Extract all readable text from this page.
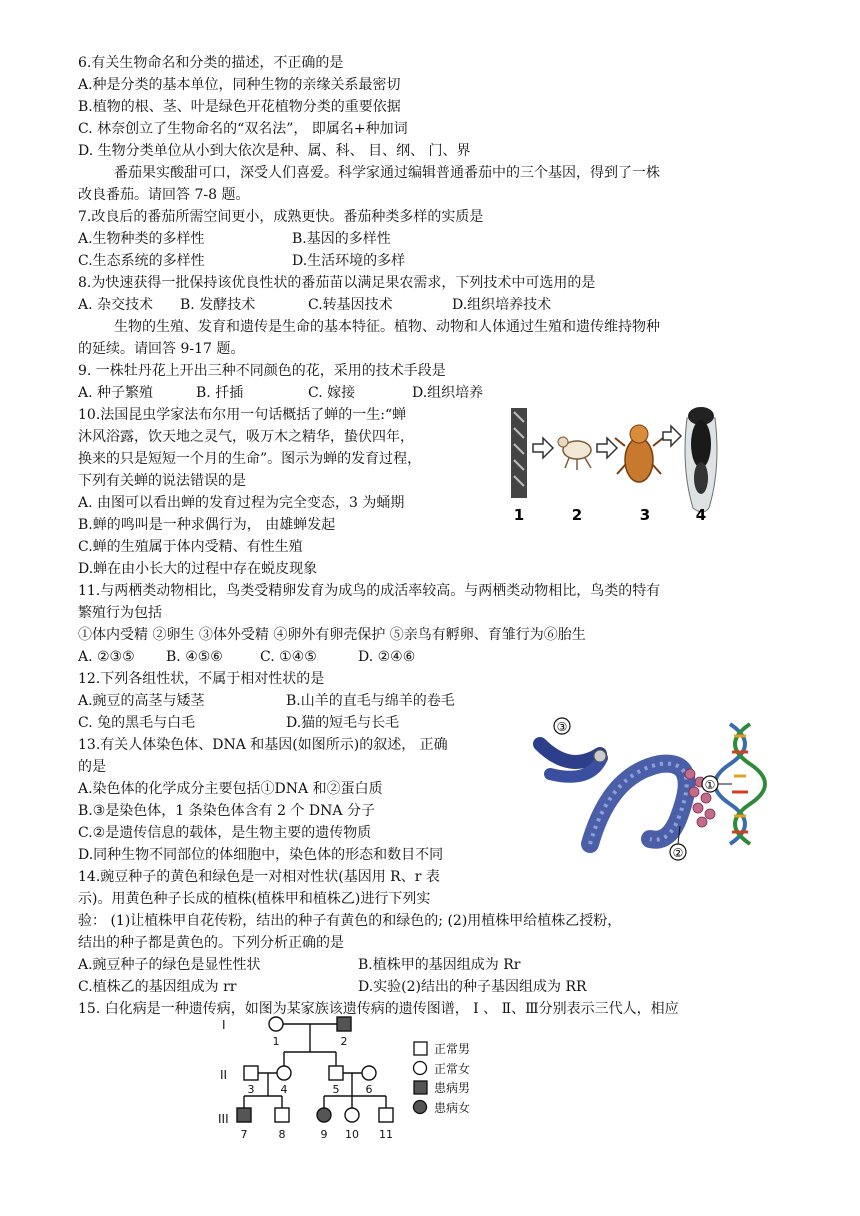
6.有关生物命名和分类的描述，不正确的是
A.种是分类的基本单位，同种生物的亲缘关系最密切
B.植物的根、茎、叶是绿色开花植物分类的重要依据
C. 林奈创立了生物命名的“双名法”， 即属名+种加词
D. 生物分类单位从小到大依次是种、属、科、 目、纲、 门、界
番茄果实酸甜可口，深受人们喜爱。科学家通过编辑普通番茄中的三个基因，得到了一株
改良番茄。请回答 7-8 题。
7.改良后的番茄所需空间更小，成熟更快。番茄种类多样的实质是
A.生物种类的多样性	B.基因的多样性
C.生态系统的多样性	D.生活环境的多样
8.为快速获得一批保持该优良性状的番茄苗以满足果农需求，下列技术中可选用的是
A. 杂交技术 B. 发酵技术	C.转基因技术	D.组织培养技术
生物的生殖、发育和遗传是生命的基本特征。植物、动物和人体通过生殖和遗传维持物种
的延续。请回答 9-17 题。
9. 一株牡丹花上开出三种不同颜色的花，采用的技术手段是
A. 种子繁殖	B. 扦插	C. 嫁接	D.组织培养
10.法国昆虫学家法布尔用一句话概括了蝉的一生:“蝉
沐风浴露，饮天地之灵气，吸万木之精华，蛰伏四年，
换来的只是短短一个月的生命”。图示为蝉的发育过程，
下列有关蝉的说法错误的是
A. 由图可以看出蝉的发育过程为完全变态，3 为蛹期
B.蝉的鸣叫是一种求偶行为， 由雄蝉发起
C.蝉的生殖属于体内受精、有性生殖
D.蝉在由小长大的过程中存在蜕皮现象
1	2	3	4
11.与两栖类动物相比，鸟类受精卵发育为成鸟的成活率较高。与两栖类动物相比，鸟类的特有
繁殖行为包括
①体内受精 ②卵生 ③体外受精 ④卵外有卵壳保护 ⑤亲鸟有孵卵、育雏行为⑥胎生
A. ②③⑤ B. ④⑤⑥	C. ①④⑤	D. ②④⑥
12.下列各组性状，不属于相对性状的是
A.豌豆的高茎与矮茎	B.山羊的直毛与绵羊的卷毛
C. 兔的黑毛与白毛	D.猫的短毛与长毛
13.有关人体染色体、DNA 和基因(如图所示)的叙述， 正确
的是
A.染色体的化学成分主要包括①DNA 和②蛋白质
B.③是染色体，1 条染色体含有 2 个 DNA 分子
C.②是遗传信息的载体，是生物主要的遗传物质
D.同种生物不同部位的体细胞中，染色体的形态和数目不同
③
①
②
14.豌豆种子的黄色和绿色是一对相对性状(基因用 R、r 表
示)。用黄色种子长成的植株(植株甲和植株乙)进行下列实
验： (1)让植株甲自花传粉，结出的种子有黄色的和绿色的; (2)用植株甲给植株乙授粉，
结出的种子都是黄色的。下列分析正确的是
A.豌豆种子的绿色是显性性状	B.植株甲的基因组成为 Rr
C.植株乙的基因组成为 rr	D.实验(2)结出的种子基因组成为 RR
15. 白化病是一种遗传病，如图为某家族该遗传病的遗传图谱， Ⅰ 、 Ⅱ、Ⅲ分别表示三代人，相应
I
II
III
1	2
3 4	5 6
7	8	9 10 11
正常男
正常女
患病男
患病女
